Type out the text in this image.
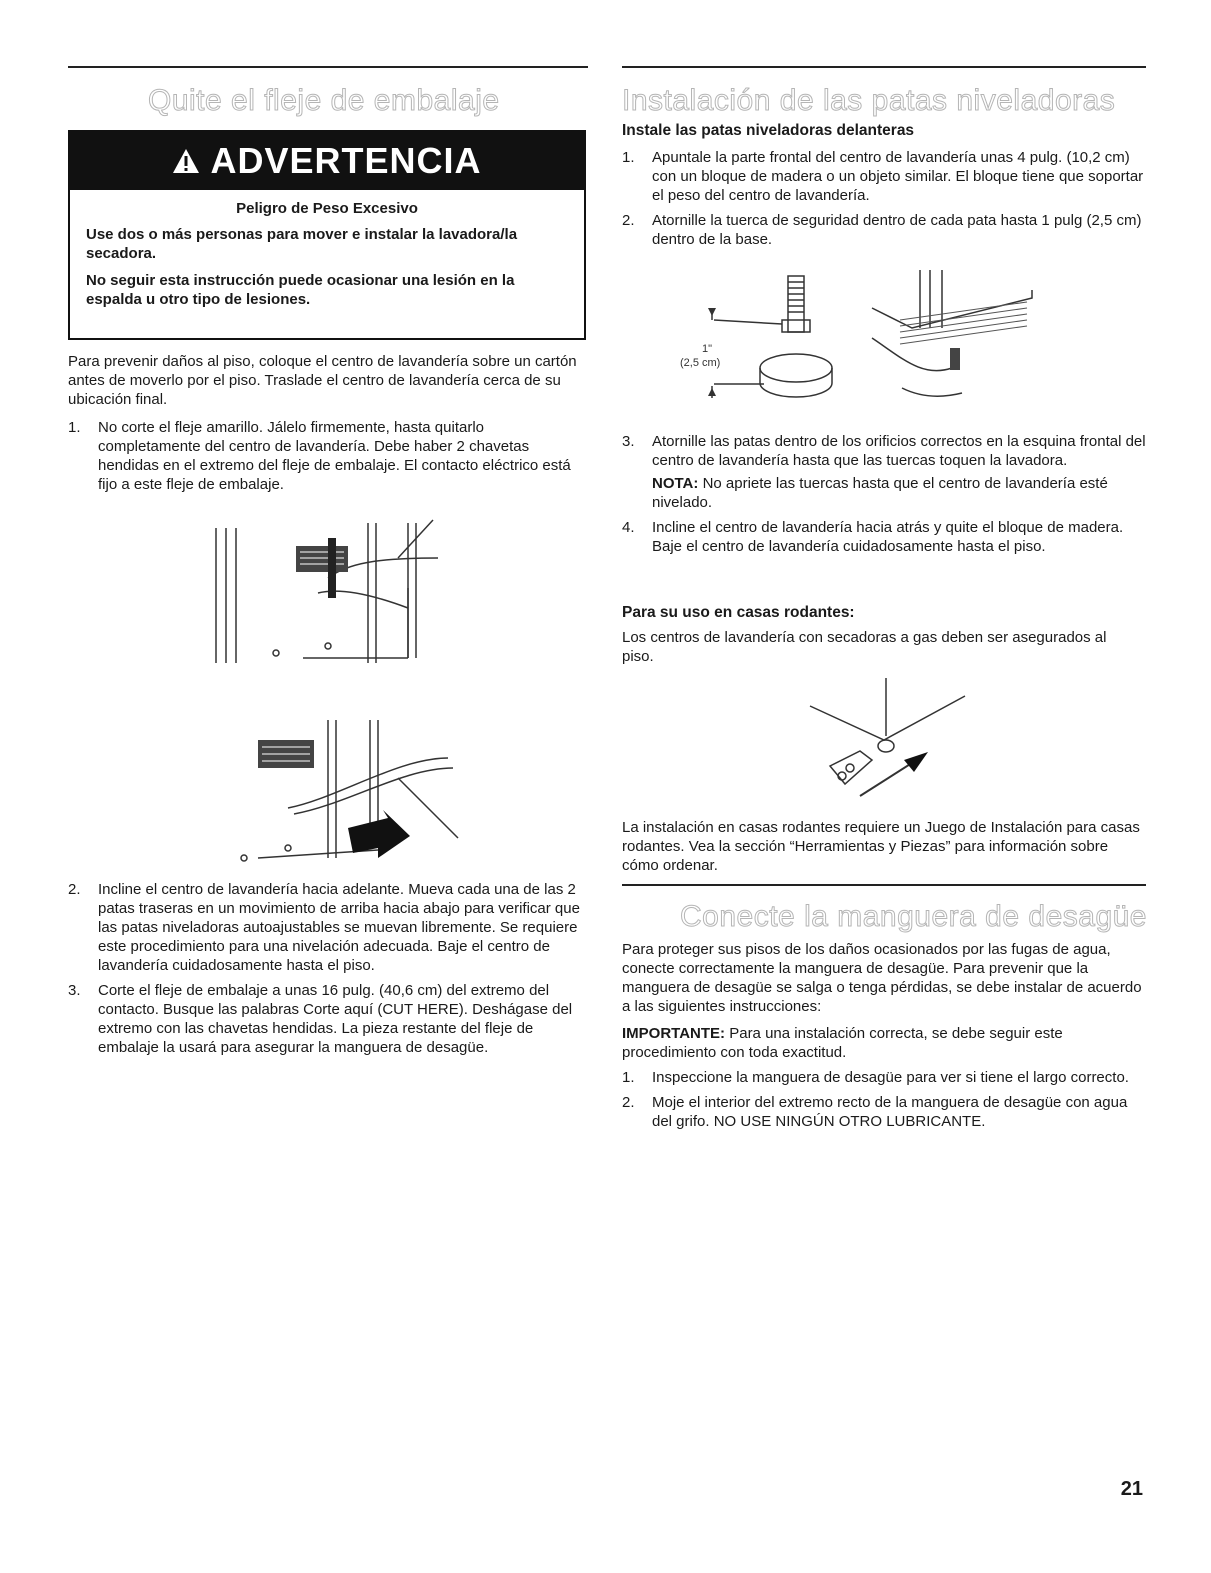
Quite el fleje de embalaje
ADVERTENCIA
Peligro de Peso Excesivo

Use dos o más personas para mover e instalar la lavadora/la secadora.

No seguir esta instrucción puede ocasionar una lesión en la espalda u otro tipo de lesiones.

Para prevenir daños al piso, coloque el centro de lavandería sobre un cartón antes de moverlo por el piso. Traslade el centro de lavandería cerca de su ubicación final.
1.	No corte el fleje amarillo. Jálelo firmemente, hasta quitarlo completamente del centro de lavandería. Debe haber 2 chavetas hendidas en el extremo del fleje de embalaje. El contacto eléctrico está fijo a este fleje de embalaje.
2.	Incline el centro de lavandería hacia adelante. Mueva cada una de las 2 patas traseras en un movimiento de arriba hacia abajo para verificar que las patas niveladoras autoajustables se muevan libremente. Se requiere este procedimiento para una nivelación adecuada. Baje el centro de lavandería cuidadosamente hasta el piso.
3.	Corte el fleje de embalaje a unas 16 pulg. (40,6 cm) del extremo del contacto. Busque las palabras Corte aquí (CUT HERE). Deshágase del extremo con las chavetas hendidas. La pieza restante del fleje de embalaje la usará para asegurar la manguera de desagüe.
Instalación de las patas niveladoras
Instale las patas niveladoras delanteras
1.	Apuntale la parte frontal del centro de lavandería unas 4 pulg. (10,2 cm) con un bloque de madera o un objeto similar. El bloque tiene que soportar el peso del centro de lavandería.
2.	Atornille la tuerca de seguridad dentro de cada pata hasta 1 pulg (2,5 cm) dentro de la base.
1"
(2,5 cm)
3.	Atornille las patas dentro de los orificios correctos en la esquina frontal del centro de lavandería hasta que las tuercas toquen la lavadora.
NOTA: No apriete las tuercas hasta que el centro de lavandería esté nivelado.
4.	Incline el centro de lavandería hacia atrás y quite el bloque de madera. Baje el centro de lavandería cuidadosamente hasta el piso.
Para su uso en casas rodantes:
Los centros de lavandería con secadoras a gas deben ser asegurados al piso.
La instalación en casas rodantes requiere un Juego de Instalación para casas rodantes. Vea la sección “Herramientas y Piezas” para información sobre cómo ordenar.
Conecte la manguera de desagüe
Para proteger sus pisos de los daños ocasionados por las fugas de agua, conecte correctamente la manguera de desagüe. Para prevenir que la manguera de desagüe se salga o tenga pérdidas, se debe instalar de acuerdo a las siguientes instrucciones:
IMPORTANTE: Para una instalación correcta, se debe seguir este procedimiento con toda exactitud.
1.	Inspeccione la manguera de desagüe para ver si tiene el largo correcto.
2.	Moje el interior del extremo recto de la manguera de desagüe con agua del grifo. NO USE NINGÚN OTRO LUBRICANTE.
21
